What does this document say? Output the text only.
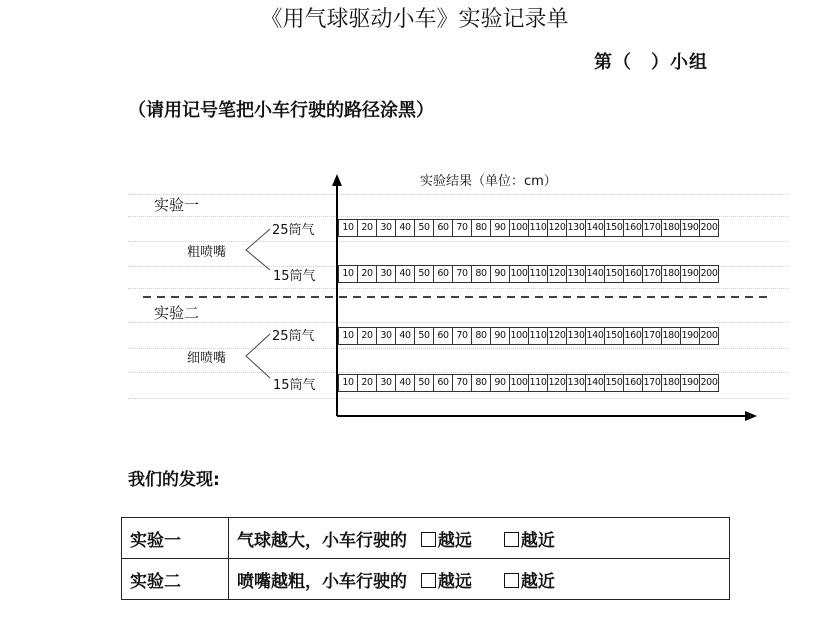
《用气球驱动小车》实验记录单
第（　）小组
（请用记号笔把小车行驶的路径涂黑）
实验结果（单位：cm）
实验一
粗喷嘴
25筒气
15筒气
实验二
细喷嘴
25筒气
15筒气
10 20 30 40 50 60 70 80 90 100 110 120 130 140 150 160 170 180 190 200
10 20 30 40 50 60 70 80 90 100 110 120 130 140 150 160 170 180 190 200
10 20 30 40 50 60 70 80 90 100 110 120 130 140 150 160 170 180 190 200
10 20 30 40 50 60 70 80 90 100 110 120 130 140 150 160 170 180 190 200
我们的发现:
实验一	气球越大，小车行驶的 越远 越近
实验二	喷嘴越粗，小车行驶的 越远 越近
